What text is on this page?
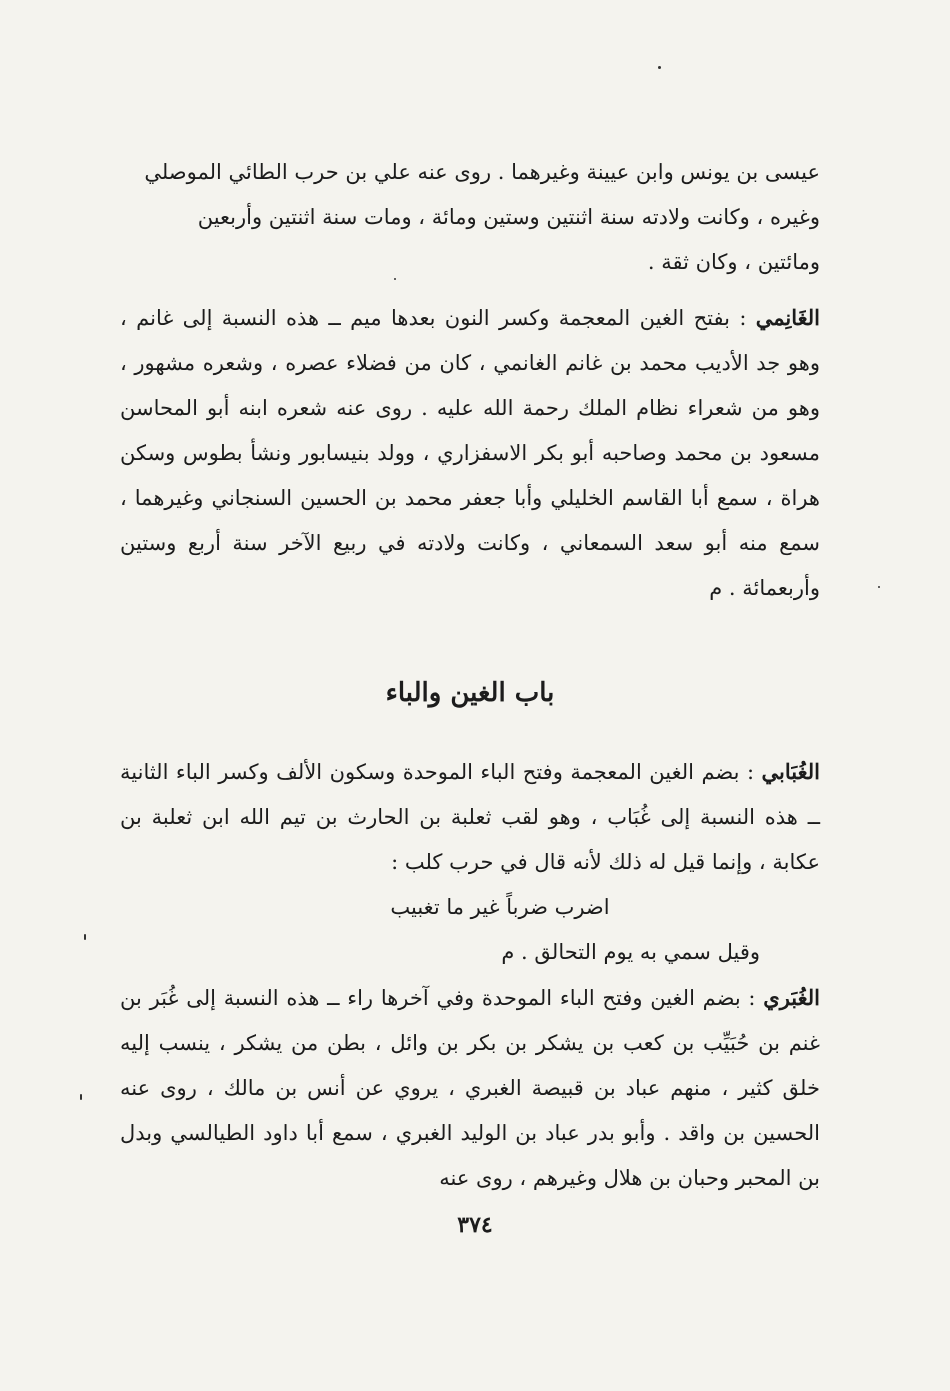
عيسى بن يونس وابن عيينة وغيرهما . روى عنه علي بن حرب الطائي الموصلي

وغيره ، وكانت ولادته سنة اثنتين وستين ومائة ، ومات سنة اثنتين وأربعين

ومائتين ، وكان ثقة .

الغَانِمي : بفتح الغين المعجمة وكسر النون بعدها ميم ــ هذه النسبة إلى غانم ، وهو جد الأديب محمد بن غانم الغانمي ، كان من فضلاء عصره ، وشعره مشهور ، وهو من شعراء نظام الملك رحمة الله عليه . روى عنه شعره ابنه أبو المحاسن مسعود بن محمد وصاحبه أبو بكر الاسفزاري ، وولد بنيسابور ونشأ بطوس وسكن هراة ، سمع أبا القاسم الخليلي وأبا جعفر محمد بن الحسين السنجاني وغيرهما ، سمع منه أبو سعد السمعاني ، وكانت ولادته في ربيع الآخر سنة أربع وستين وأربعمائة . م

باب الغين والباء

الغُبَابي : بضم الغين المعجمة وفتح الباء الموحدة وسكون الألف وكسر الباء الثانية ــ هذه النسبة إلى غُبَاب ، وهو لقب ثعلبة بن الحارث بن تيم الله ابن ثعلبة بن عكابة ، وإنما قيل له ذلك لأنه قال في حرب كلب :

اضرب ضرباً غير ما تغبيب

وقيل سمي به يوم التحالق . م

الغُبَري : بضم الغين وفتح الباء الموحدة وفي آخرها راء ــ هذه النسبة إلى غُبَر بن غنم بن حُبَيِّب بن كعب بن يشكر بن بكر بن وائل ، بطن من يشكر ، ينسب إليه خلق كثير ، منهم عباد بن قبيصة الغبري ، يروي عن أنس بن مالك ، روى عنه الحسين بن واقد . وأبو بدر عباد بن الوليد الغبري ، سمع أبا داود الطيالسي وبدل بن المحبر وحبان بن هلال وغيرهم ، روى عنه

٣٧٤
